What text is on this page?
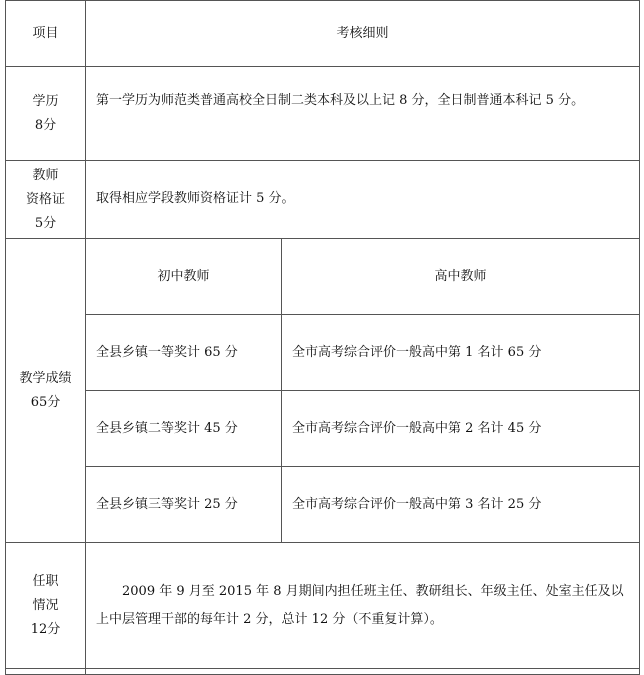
项目	考核细则	

学历
8分	第一学历为师范类普通高校全日制二类本科及以上记 8 分，全日制普通本科记 5 分。	

教师
资格证
5分	取得相应学段教师资格证计 5 分。	

教学成绩
65分	初中教师	高中教师
	全县乡镇一等奖计 65 分	全市高考综合评价一般高中第 1 名计 65 分
	全县乡镇二等奖计 45 分	全市高考综合评价一般高中第 2 名计 45 分
	全县乡镇三等奖计 25 分	全市高考综合评价一般高中第 3 名计 25 分

任职
情况
12分	2009 年 9 月至 2015 年 8 月期间内担任班主任、教研组长、年级主任、处室主任及以上中层管理干部的每年计 2 分，总计 12 分（不重复计算）。	
